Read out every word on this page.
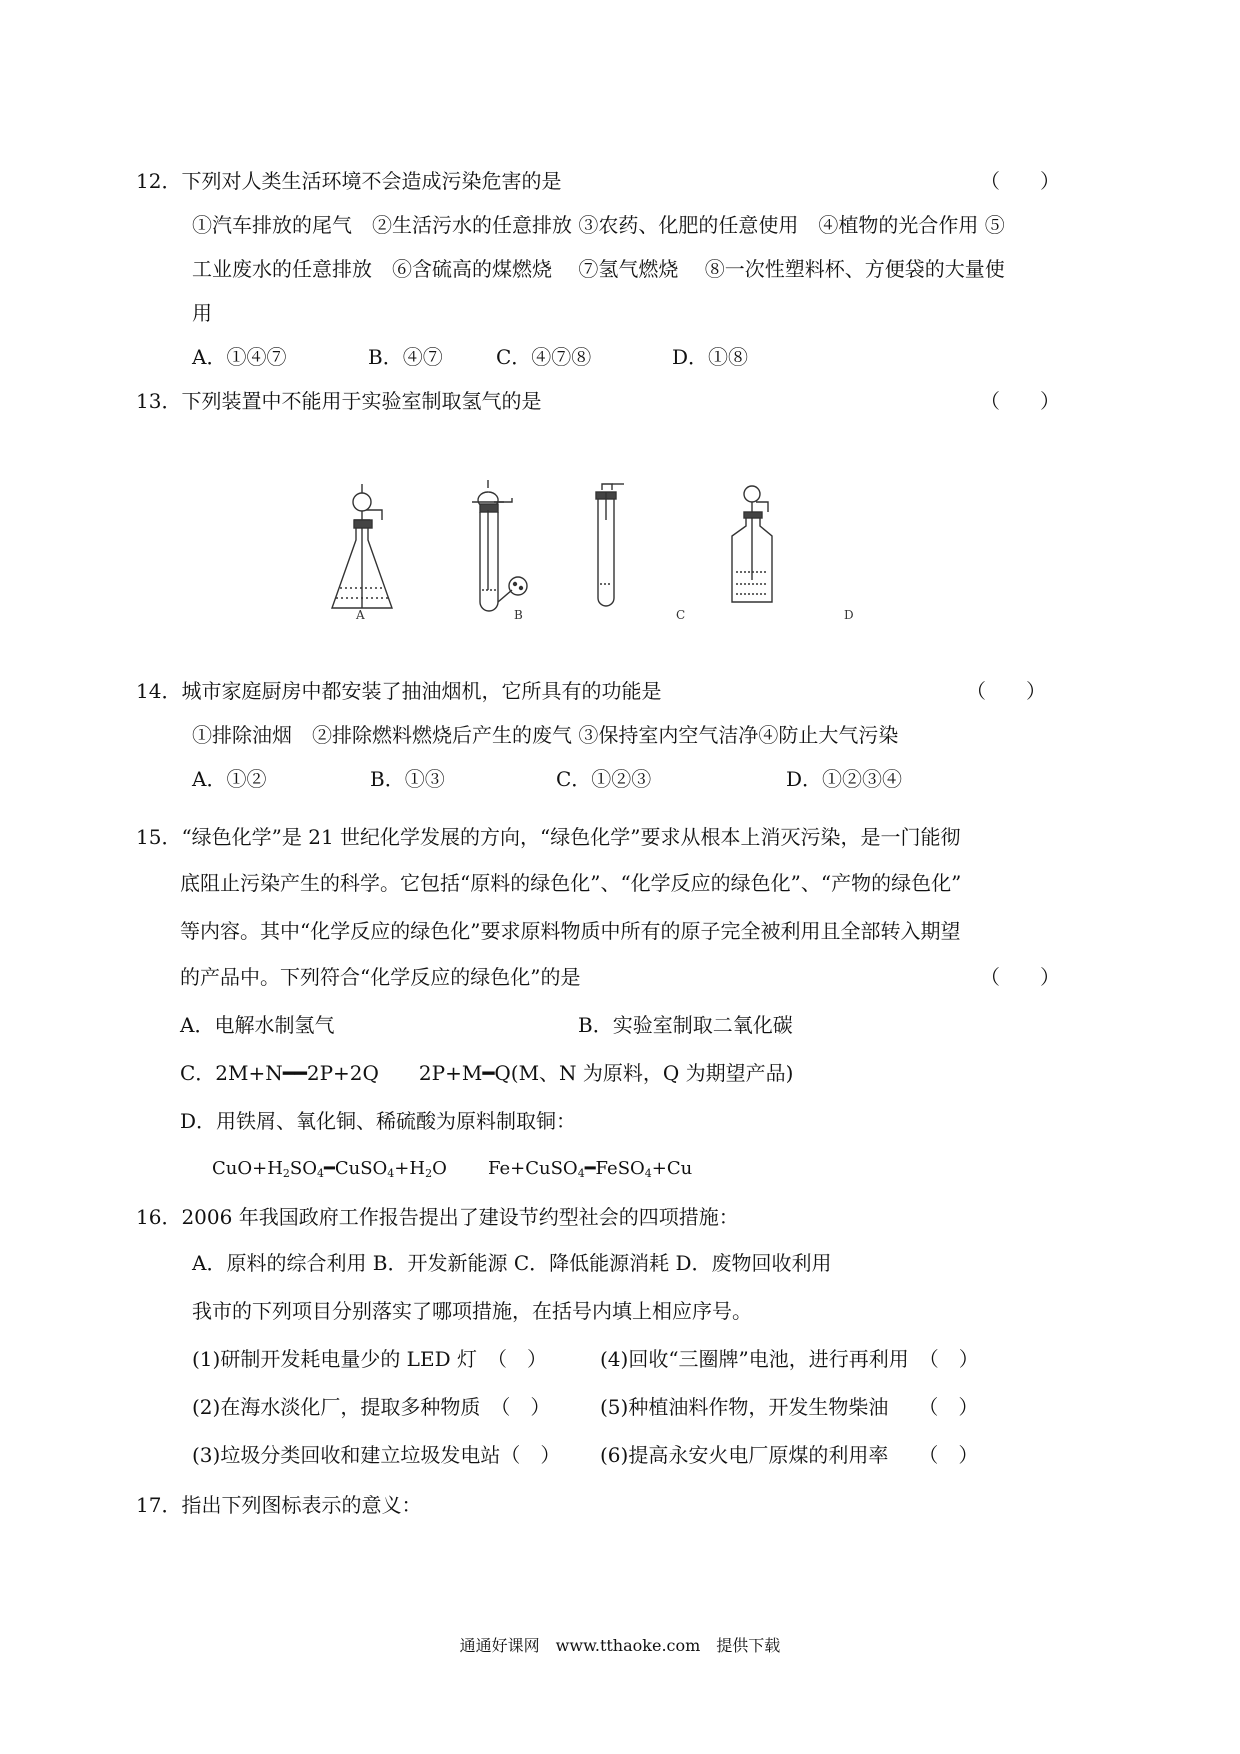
12．下列对人类生活环境不会造成污染危害的是	（　　）
①汽车排放的尾气　②生活污水的任意排放 ③农药、化肥的任意使用　④植物的光合作用 ⑤
工业废水的任意排放　⑥含硫高的煤燃烧　 ⑦氢气燃烧　 ⑧一次性塑料杯、方便袋的大量使
用
A．①④⑦	B．④⑦	C．④⑦⑧	D．①⑧
13．下列装置中不能用于实验室制取氢气的是	（　　）
A	B	C	D
14．城市家庭厨房中都安装了抽油烟机，它所具有的功能是	（　　）
①排除油烟　②排除燃料燃烧后产生的废气 ③保持室内空气洁净④防止大气污染
A．①②	B．①③	C．①②③	D．①②③④
15．“绿色化学”是 21 世纪化学发展的方向，“绿色化学”要求从根本上消灭污染，是一门能彻
底阻止污染产生的科学。它包括“原料的绿色化”、“化学反应的绿色化”、“产物的绿色化”
等内容。其中“化学反应的绿色化”要求原料物质中所有的原子完全被利用且全部转入期望
的产品中。下列符合“化学反应的绿色化”的是	（　　）
A．电解水制氢气	B．实验室制取二氧化碳
C．2M+N━━2P+2Q　　2P+M━Q(M、N 为原料，Q 为期望产品)
D．用铁屑、氧化铜、稀硫酸为原料制取铜：
$CuO+H_2SO_4━CuSO_4+H_2O$ Fe+CuSO$_4$━FeSO$_4$+Cu
16．2006 年我国政府工作报告提出了建设节约型社会的四项措施：
A．原料的综合利用 B．开发新能源 C．降低能源消耗 D．废物回收利用
我市的下列项目分别落实了哪项措施，在括号内填上相应序号。
(1)研制开发耗电量少的 LED 灯　（　）	(4)回收“三圈牌”电池，进行再利用　（　）
(2)在海水淡化厂，提取多种物质　（　） (5)种植油料作物，开发生物柴油　　（　）
(3)垃圾分类回收和建立垃圾发电站（　） (6)提高永安火电厂原煤的利用率　　（　）
17．指出下列图标表示的意义：
通通好课网　www.tthaoke.com　提供下载
